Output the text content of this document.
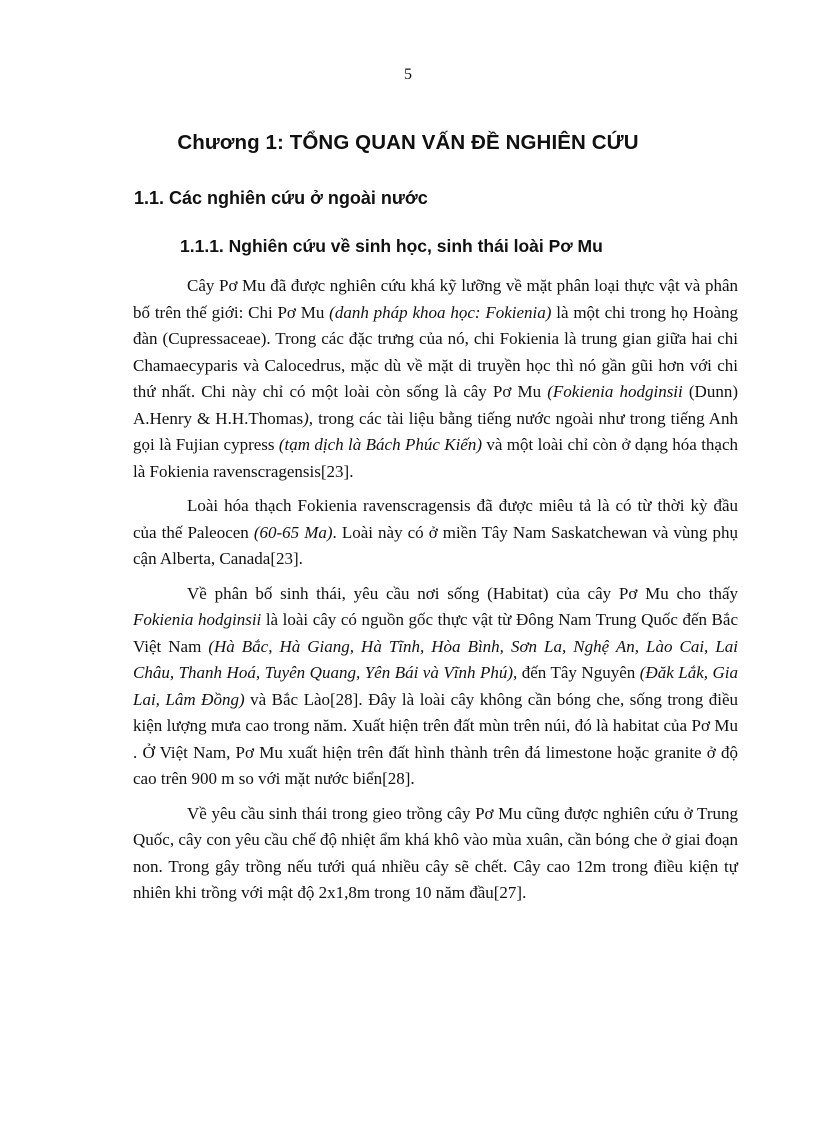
5
Chương 1: TỔNG QUAN VẤN ĐỀ NGHIÊN CỨU
1.1. Các nghiên cứu ở ngoài nước
1.1.1. Nghiên cứu về sinh học, sinh thái loài Pơ Mu

Cây Pơ Mu đã được nghiên cứu khá kỹ lưỡng về mặt phân loại thực vật và phân bố trên thế giới: Chi Pơ Mu (danh pháp khoa học: Fokienia) là một chi trong họ Hoàng đàn (Cupressaceae). Trong các đặc trưng của nó, chi Fokienia là trung gian giữa hai chi Chamaecyparis và Calocedrus, mặc dù về mặt di truyền học thì nó gần gũi hơn với chi thứ nhất. Chi này chỉ có một loài còn sống là cây Pơ Mu (Fokienia hodginsii (Dunn) A.Henry & H.H.Thomas), trong các tài liệu bằng tiếng nước ngoài như trong tiếng Anh gọi là Fujian cypress (tạm dịch là Bách Phúc Kiến) và một loài chỉ còn ở dạng hóa thạch là Fokienia ravenscragensis[23].

Loài hóa thạch Fokienia ravenscragensis đã được miêu tả là có từ thời kỳ đầu của thế Paleocen (60-65 Ma). Loài này có ở miền Tây Nam Saskatchewan và vùng phụ cận Alberta, Canada[23].

Về phân bố sinh thái, yêu cầu nơi sống (Habitat) của cây Pơ Mu cho thấy Fokienia hodginsii là loài cây có nguồn gốc thực vật từ Đông Nam Trung Quốc đến Bắc Việt Nam (Hà Bắc, Hà Giang, Hà Tĩnh, Hòa Bình, Sơn La, Nghệ An, Lào Cai, Lai Châu, Thanh Hoá, Tuyên Quang, Yên Bái và Vĩnh Phú), đến Tây Nguyên (Đăk Lắk, Gia Lai, Lâm Đồng) và Bắc Lào[28]. Đây là loài cây không cần bóng che, sống trong điều kiện lượng mưa cao trong năm. Xuất hiện trên đất mùn trên núi, đó là habitat của Pơ Mu . Ở Việt Nam, Pơ Mu xuất hiện trên đất hình thành trên đá limestone hoặc granite ở độ cao trên 900 m so với mặt nước biển[28].

Về yêu cầu sinh thái trong gieo trồng cây Pơ Mu cũng được nghiên cứu ở Trung Quốc, cây con yêu cầu chế độ nhiệt ẩm khá khô vào mùa xuân, cần bóng che ở giai đoạn non. Trong gây trồng nếu tưới quá nhiều cây sẽ chết. Cây cao 12m trong điều kiện tự nhiên khi trồng với mật độ 2x1,8m trong 10 năm đầu[27].
